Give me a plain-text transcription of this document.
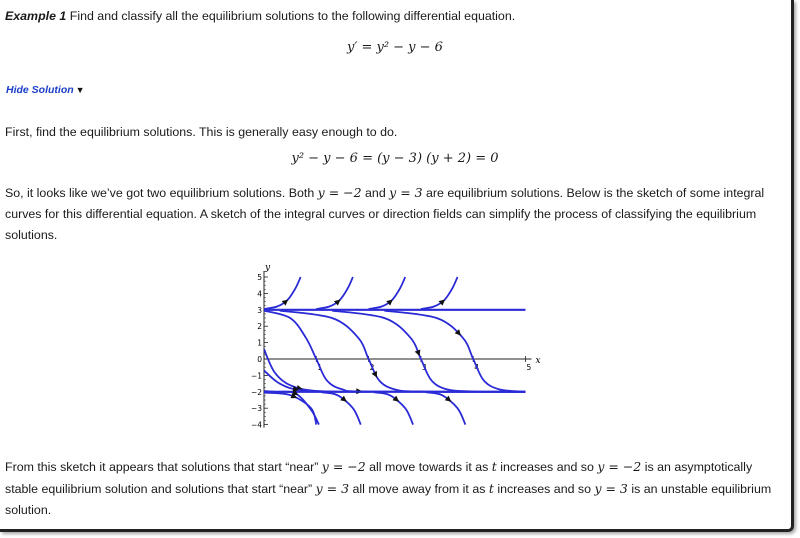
Example 1 Find and classify all the equilibrium solutions to the following differential equation.

y′ = y² − y − 6
Hide Solution ▼

First, find the equilibrium solutions. This is generally easy enough to do.

y² − y − 6 = (y − 3) (y + 2) = 0

So, it looks like we’ve got two equilibrium solutions. Both y = −2 and y = 3 are equilibrium solutions. Below is the sketch of some integral curves for this differential equation. A sketch of the integral curves or direction fields can simplify the process of classifying the equilibrium solutions.

x
y
1	2	3	4	5
5
4
3
2
1
0
−1
−2
−3
−4

From this sketch it appears that solutions that start “near” y = −2 all move towards it as t increases and so y = −2 is an asymptotically stable equilibrium solution and solutions that start “near” y = 3 all move away from it as t increases and so y = 3 is an unstable equilibrium solution.
